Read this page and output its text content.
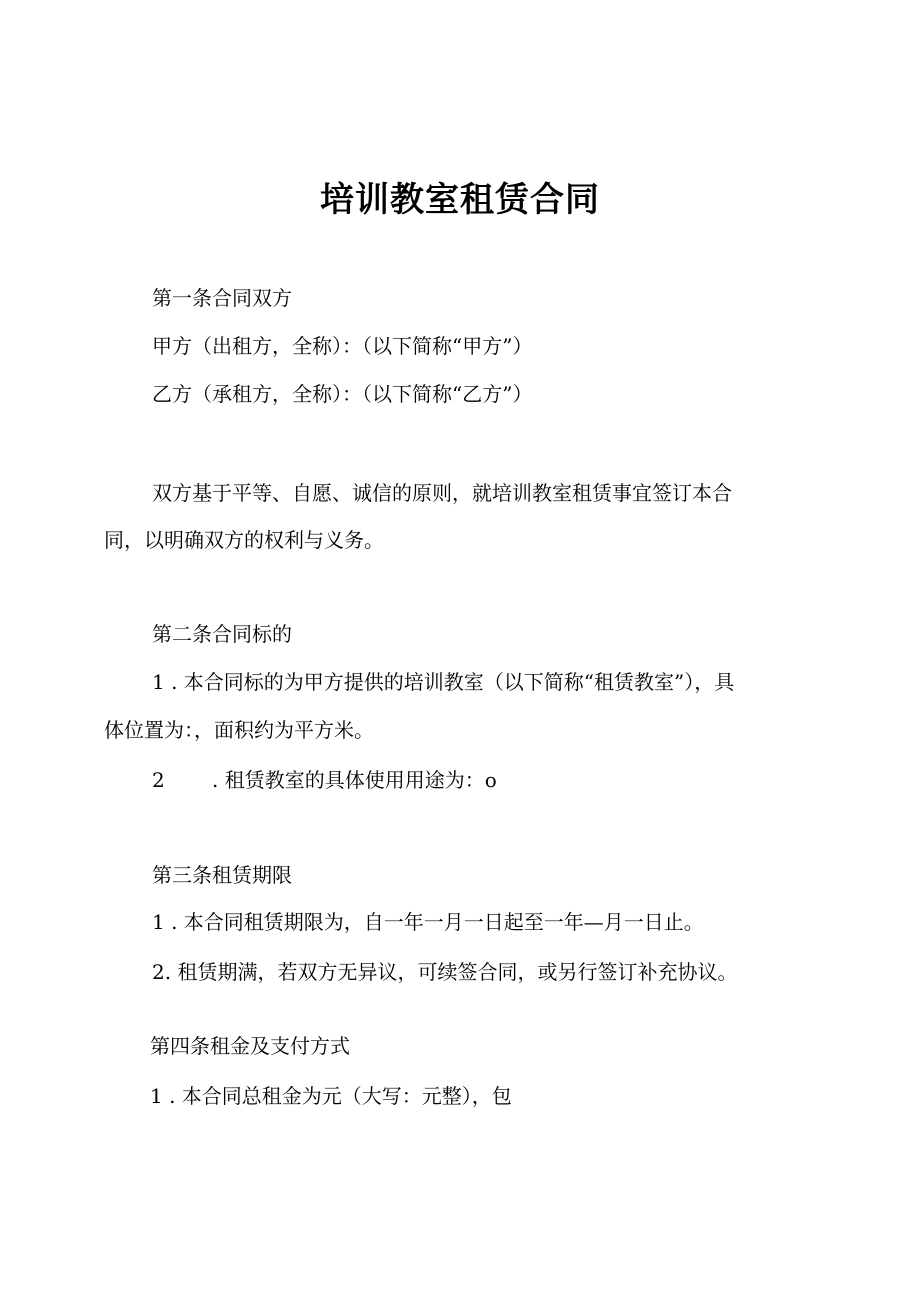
培训教室租赁合同
第一条合同双方
甲方（出租方，全称）：（以下简称“甲方”）
乙方（承租方，全称）：（以下简称“乙方”）
双方基于平等、自愿、诚信的原则，就培训教室租赁事宜签订本合
同，以明确双方的权利与义务。
第二条合同标的
1 . 本合同标的为甲方提供的培训教室（以下简称“租赁教室”），具
体位置为：，面积约为平方米。
2 . 租赁教室的具体使用用途为：o
第三条租赁期限
1 . 本合同租赁期限为，自一年一月一日起至一年—月一日止。
2. 租赁期满，若双方无异议，可续签合同，或另行签订补充协议。
第四条租金及支付方式
1 . 本合同总租金为元（大写：元整），包
